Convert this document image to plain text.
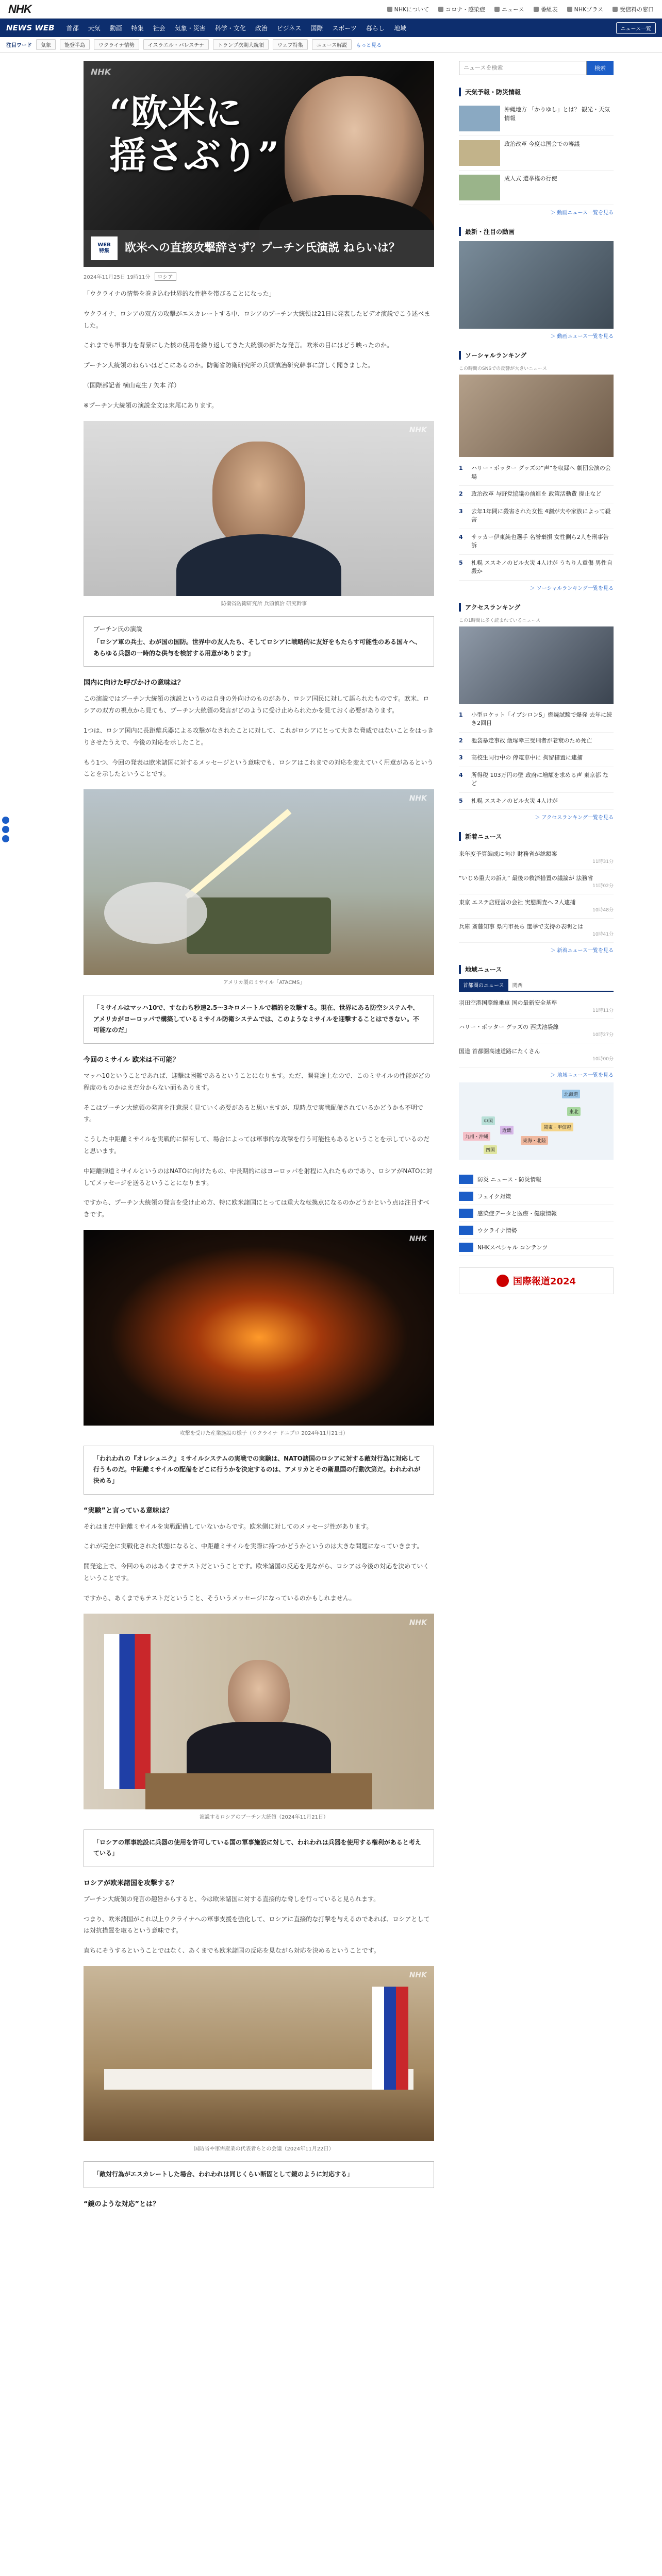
NHK	NHKについて	コロナ・感染症	ニュース	番組表	NHKプラス	受信料の窓口
NEWS WEB	首都	天気	動画	特集	社会	気象・災害	科学・文化	政治	ビジネス	国際	スポーツ	暮らし	地域	ニュース一覧
注目ワード	気象	能登半島	ウクライナ情勢	イスラエル・パレスチナ	トランプ次期大統領	ウェブ特集	ニュース解説	もっと見る
NHK
“欧米に
揺さぶり”
WEB
特集	欧米への直接攻撃辞さず？プーチン氏演説 ねらいは？
2024年11月25日 19時11分	ロシア

「ウクライナの情勢を巻き込む世界的な性格を帯びることになった」

ウクライナ、ロシアの双方の攻撃がエスカレートする中、ロシアのプーチン大統領は21日に発表したビデオ演説でこう述べました。

これまでも軍事力を背景にした核の使用を繰り返してきた大統領の新たな発言。欧米の目にはどう映ったのか。

プーチン大統領のねらいはどこにあるのか。防衛省防衛研究所の兵頭慎治研究幹事に詳しく聞きました。

（国際部記者 横山竜生 / 矢本 洋）

※プーチン大統領の演説全文は末尾にあります。

NHK
防衛省防衛研究所 兵頭慎治 研究幹事
プーチン氏の演説
「ロシア軍の兵士、わが国の国防。世界中の友人たち、そしてロシアに戦略的に友好をもたらす可能性のある国々へ、あらゆる兵器の一時的な供与を検討する用意があります」
国内に向けた呼びかけの意味は？

この演説ではプーチン大統領の演説というのは自身の外向けのものがあり、ロシア国民に対して語られたものです。欧米、ロシアの双方の視点から見ても、プーチン大統領の発言がどのように受け止められたかを見ておく必要があります。

1つは、ロシア国内に長距離兵器による攻撃がなされたことに対して、これがロシアにとって大きな脅威ではないことをはっきりさせたうえで、今後の対応を示したこと。

もう1つ、今回の発表は欧米諸国に対するメッセージという意味でも、ロシアはこれまでの対応を変えていく用意があるということを示したということです。

NHK
アメリカ製のミサイル「ATACMS」
「ミサイルはマッハ10で、すなわち秒速2.5～3キロメートルで標的を攻撃する。現在、世界にある防空システムや、アメリカがヨーロッパで構築しているミサイル防衛システムでは、このようなミサイルを迎撃することはできない。不可能なのだ」
今回のミサイル 欧米は不可能？

マッハ10ということであれば、迎撃は困難であるということになります。ただ、開発途上なので、このミサイルの性能がどの程度のものかはまだ分からない面もあります。

そこはプーチン大統領の発言を注意深く見ていく必要があると思いますが、現時点で実戦配備されているかどうかも不明です。

こうした中距離ミサイルを実戦的に保有して、場合によっては軍事的な攻撃を行う可能性もあるということを示しているのだと思います。

中距離弾道ミサイルというのはNATOに向けたもの、中長期的にはヨーロッパを射程に入れたものであり、ロシアがNATOに対してメッセージを送るということになります。

ですから、プーチン大統領の発言を受け止め方、特に欧米諸国にとっては重大な転換点になるのかどうかという点は注目すべきです。

NHK
攻撃を受けた産業施設の様子（ウクライナ ドニプロ 2024年11月21日）
「われわれの『オレシュニク』ミサイルシステムの実戦での実験は、NATO諸国のロシアに対する敵対行為に対応して行うものだ。中距離ミサイルの配備をどこに行うかを決定するのは、アメリカとその衛星国の行動次第だ。われわれが決める」
“実験”と言っている意味は？

それはまだ中距離ミサイルを実戦配備していないからです。欧米側に対してのメッセージ性があります。

これが完全に実戦化された状態になると、中距離ミサイルを実際に持つかどうかというのは大きな問題になっていきます。

開発途上で、今回のものはあくまでテストだということです。欧米諸国の反応を見ながら、ロシアは今後の対応を決めていくということです。

ですから、あくまでもテストだということ、そういうメッセージになっているのかもしれません。

NHK
演説するロシアのプーチン大統領（2024年11月21日）
「ロシアの軍事施設に兵器の使用を許可している国の軍事施設に対して、われわれは兵器を使用する権利があると考えている」
ロシアが欧米諸国を攻撃する？

プーチン大統領の発言の趣旨からすると、今は欧米諸国に対する直接的な脅しを行っていると見られます。

つまり、欧米諸国がこれ以上ウクライナへの軍事支援を強化して、ロシアに直接的な打撃を与えるのであれば、ロシアとしては対抗措置を取るという意味です。

直ちにそうするということではなく、あくまでも欧米諸国の反応を見ながら対応を決めるということです。

NHK
国防省や軍需産業の代表者らとの会議（2024年11月22日）
「敵対行為がエスカレートした場合、われわれは同じくらい断固として鏡のように対応する」
“鏡のような対応”とは？
ニュースを検索
検索
天気予報・防災情報
沖縄地方 「かりゆし」とは？ 観光・天気情報
政治改革 今度は国会での審議
成人式 選挙権の行使
＞ 動画ニュース一覧を見る
最新・注目の動画
＞ 動画ニュース一覧を見る
ソーシャルランキング
この時間のSNSでの反響が大きいニュース
1	ハリー・ポッター グッズの“声”を収録へ 劇団公演の会場
2	政治改革 与野党協議の前進を 政策活動費 廃止など
3	去年1年間に殺害された女性 4割が夫や家族によって殺害
4	サッカー伊東純也選手 名誉棄損 女性側ら2人を刑事告訴
5	札幌 ススキノのビル火災 4人けが うちり人重傷 男性自殺か
＞ ソーシャルランキング一覧を見る
アクセスランキング
この1時間に多く読まれているニュース
1	小型ロケット「イプシロンS」燃焼試験で爆発 去年に続き2回目
2	池袋暴走事故 飯塚幸三受刑者が老衰のため死亡
3	高校生同行中の 停電車中に 拘留措置に逮捕
4	所得税 103万円の壁 政府に増額を求める声 東京都 など
5	札幌 ススキノのビル火災 4人けが
＞ アクセスランキング一覧を見る
新着ニュース
来年度予算編成に向け 財務省が総額案
11時31分
“いじめ重大の訴え” 最後の救済措置の議論が 法務省
11時02分
東京 エステ店経営の会社 実態調査へ 2人逮捕
10時48分
兵庫 斎藤知事 県内市長ら 選挙で支持の表明とは
10時41分
＞ 新着ニュース一覧を見る
地域ニュース
首都圏のニュース	関西
羽田空港国際線乗車 国の最新安全基準
11時11分
ハリー・ポッター グッズの 西武池袋線
10時27分
国道 首都圏高速道路にたくさん
10時00分
＞ 地域ニュース一覧を見る
北海道
東北
関東・甲信越
東海・北陸
近畿
中国
九州・沖縄
四国
防災 ニュース・防災情報
フェイク対策
感染症データと医療・健康情報
ウクライナ情勢
NHKスペシャル コンテンツ
国際報道2024
